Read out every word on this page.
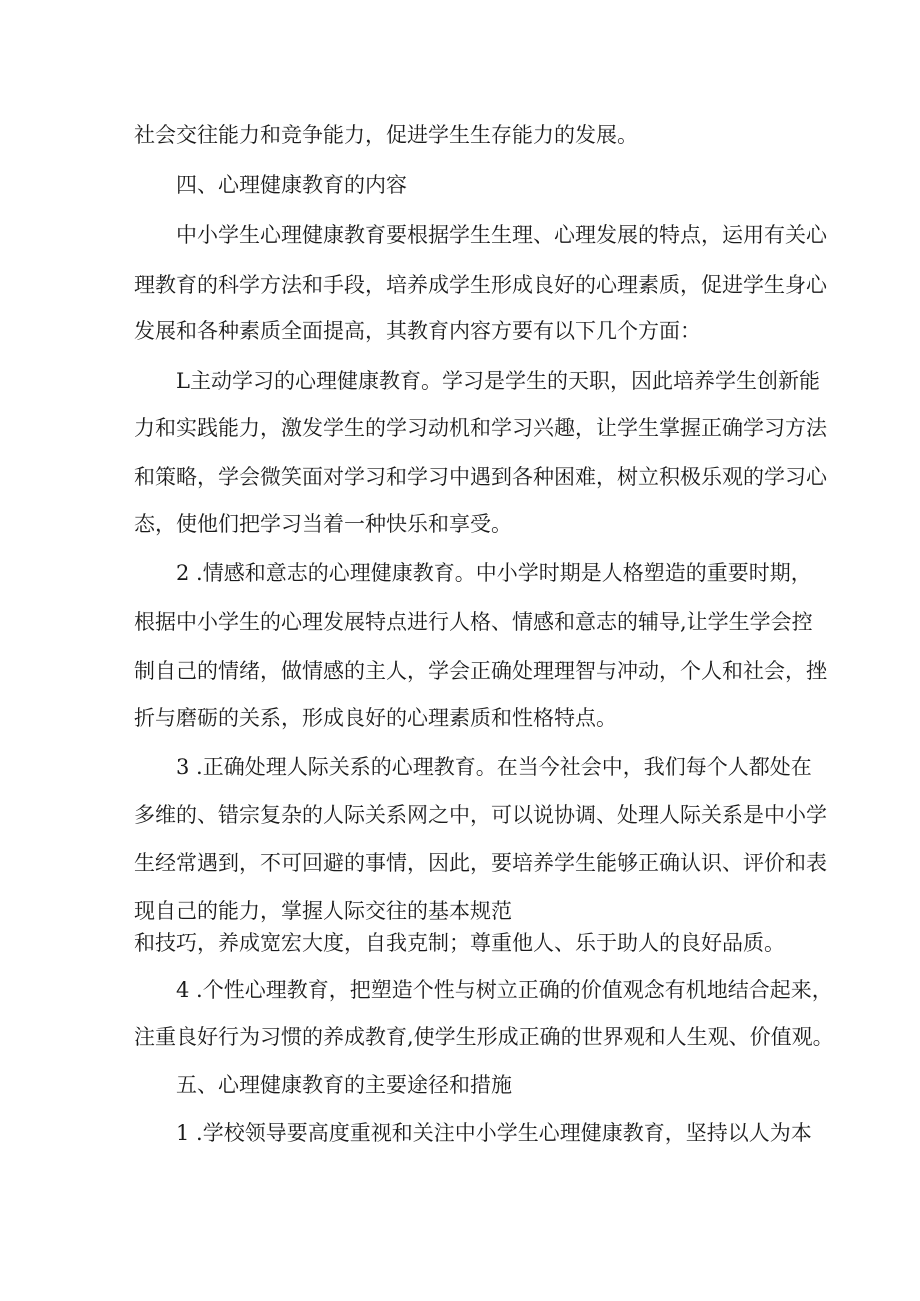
社会交往能力和竞争能力，促进学生生存能力的发展。
四、心理健康教育的内容
中小学生心理健康教育要根据学生生理、心理发展的特点，运用有关心
理教育的科学方法和手段，培养成学生形成良好的心理素质，促进学生身心
发展和各种素质全面提高，其教育内容方要有以下几个方面：
L主动学习的心理健康教育。学习是学生的天职，因此培养学生创新能
力和实践能力，激发学生的学习动机和学习兴趣，让学生掌握正确学习方法
和策略，学会微笑面对学习和学习中遇到各种困难，树立积极乐观的学习心
态，使他们把学习当着一种快乐和享受。
2 .情感和意志的心理健康教育。中小学时期是人格塑造的重要时期，
根据中小学生的心理发展特点进行人格、情感和意志的辅导,让学生学会控
制自己的情绪，做情感的主人，学会正确处理理智与冲动，个人和社会，挫
折与磨砺的关系，形成良好的心理素质和性格特点。
3 .正确处理人际关系的心理教育。在当今社会中，我们每个人都处在
多维的、错宗复杂的人际关系网之中，可以说协调、处理人际关系是中小学
生经常遇到，不可回避的事情，因此，要培养学生能够正确认识、评价和表
现自己的能力，掌握人际交往的基本规范
和技巧，养成宽宏大度，自我克制；尊重他人、乐于助人的良好品质。
4 .个性心理教育，把塑造个性与树立正确的价值观念有机地结合起来，
注重良好行为习惯的养成教育,使学生形成正确的世界观和人生观、价值观。
五、心理健康教育的主要途径和措施
1 .学校领导要高度重视和关注中小学生心理健康教育，坚持以人为本
